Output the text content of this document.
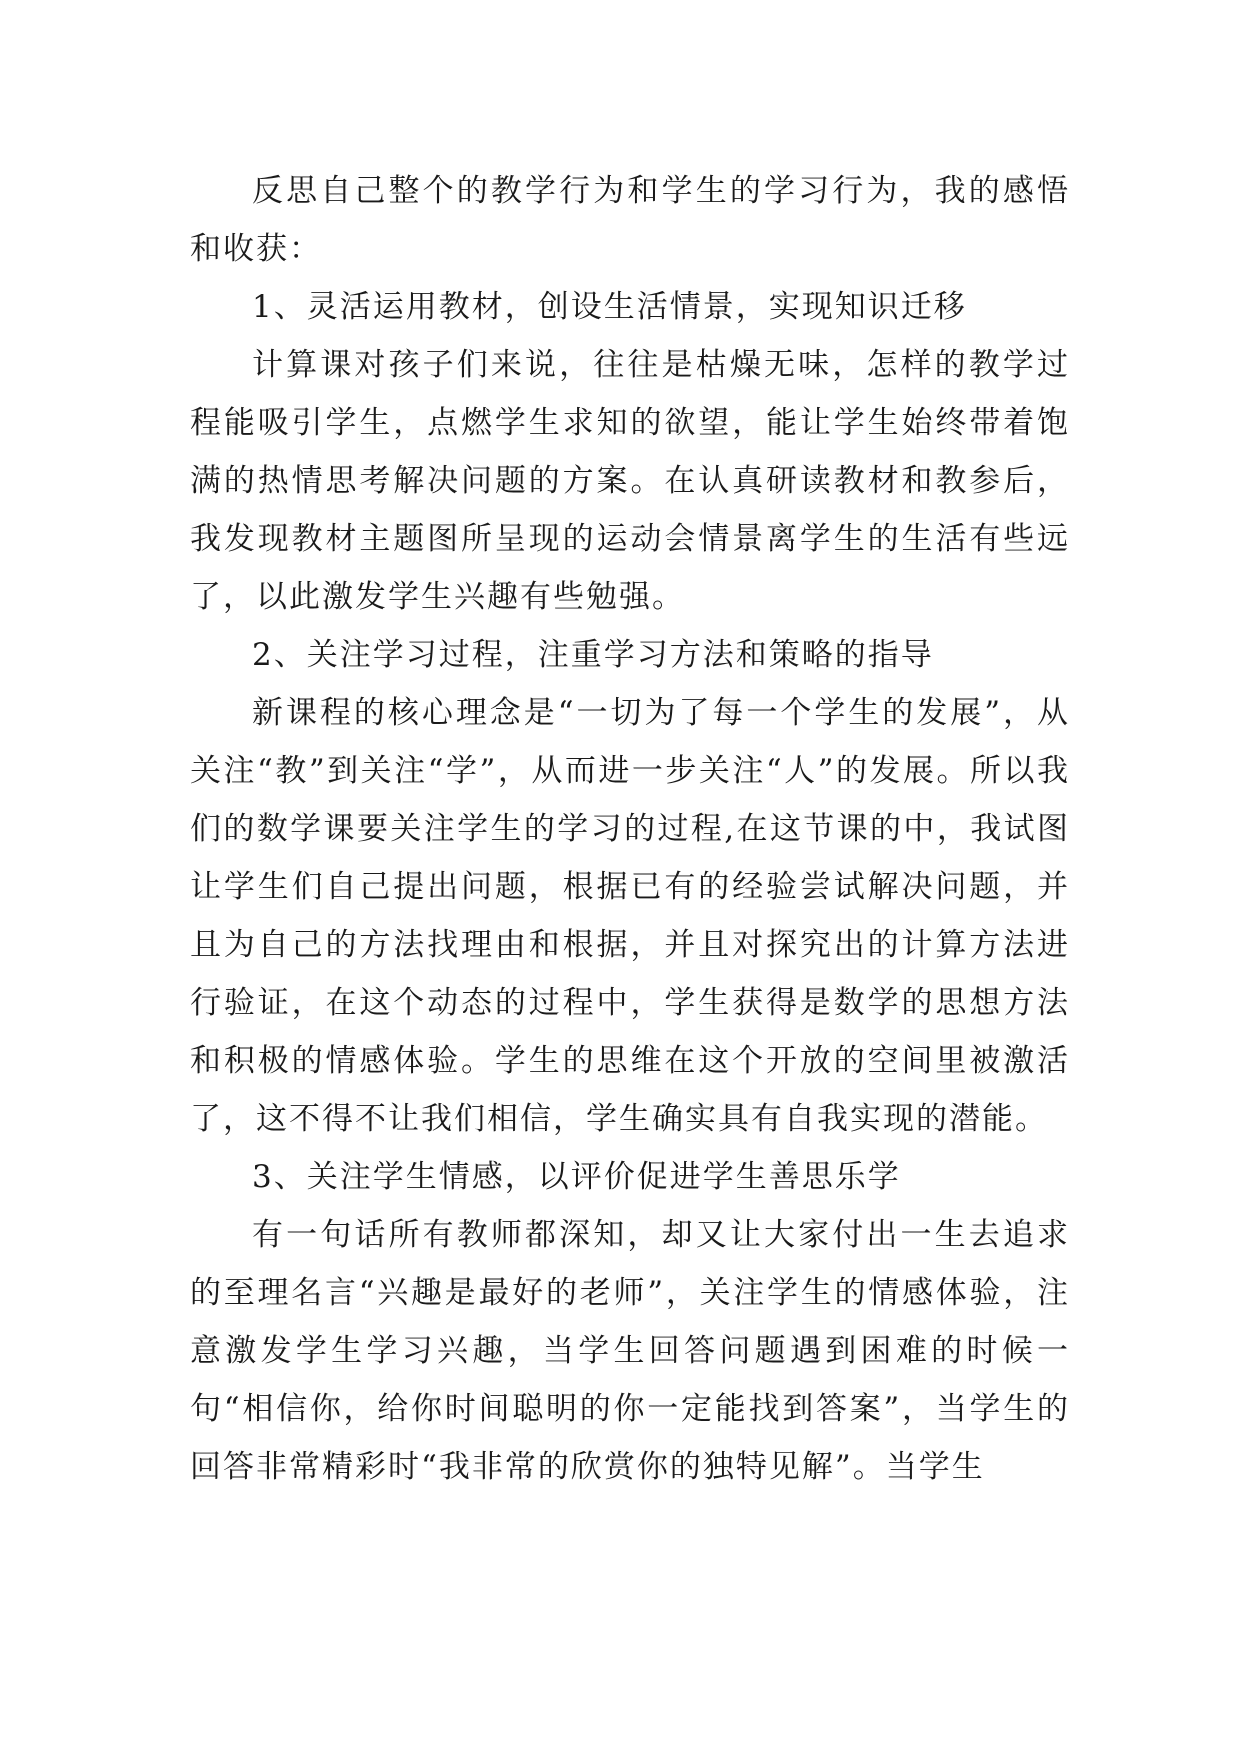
反思自己整个的教学行为和学生的学习行为，我的感悟和收获：

1、灵活运用教材，创设生活情景，实现知识迁移

计算课对孩子们来说，往往是枯燥无味，怎样的教学过程能吸引学生，点燃学生求知的欲望，能让学生始终带着饱满的热情思考解决问题的方案。在认真研读教材和教参后，我发现教材主题图所呈现的运动会情景离学生的生活有些远了，以此激发学生兴趣有些勉强。

2、关注学习过程，注重学习方法和策略的指导

新课程的核心理念是“一切为了每一个学生的发展”，从关注“教”到关注“学”，从而进一步关注“人”的发展。所以我们的数学课要关注学生的学习的过程,在这节课的中，我试图让学生们自己提出问题，根据已有的经验尝试解决问题，并且为自己的方法找理由和根据，并且对探究出的计算方法进行验证，在这个动态的过程中，学生获得是数学的思想方法和积极的情感体验。学生的思维在这个开放的空间里被激活了，这不得不让我们相信，学生确实具有自我实现的潜能。

3、关注学生情感，以评价促进学生善思乐学

有一句话所有教师都深知，却又让大家付出一生去追求的至理名言“兴趣是最好的老师”，关注学生的情感体验，注意激发学生学习兴趣，当学生回答问题遇到困难的时候一句“相信你，给你时间聪明的你一定能找到答案”，当学生的回答非常精彩时“我非常的欣赏你的独特见解”。当学生
